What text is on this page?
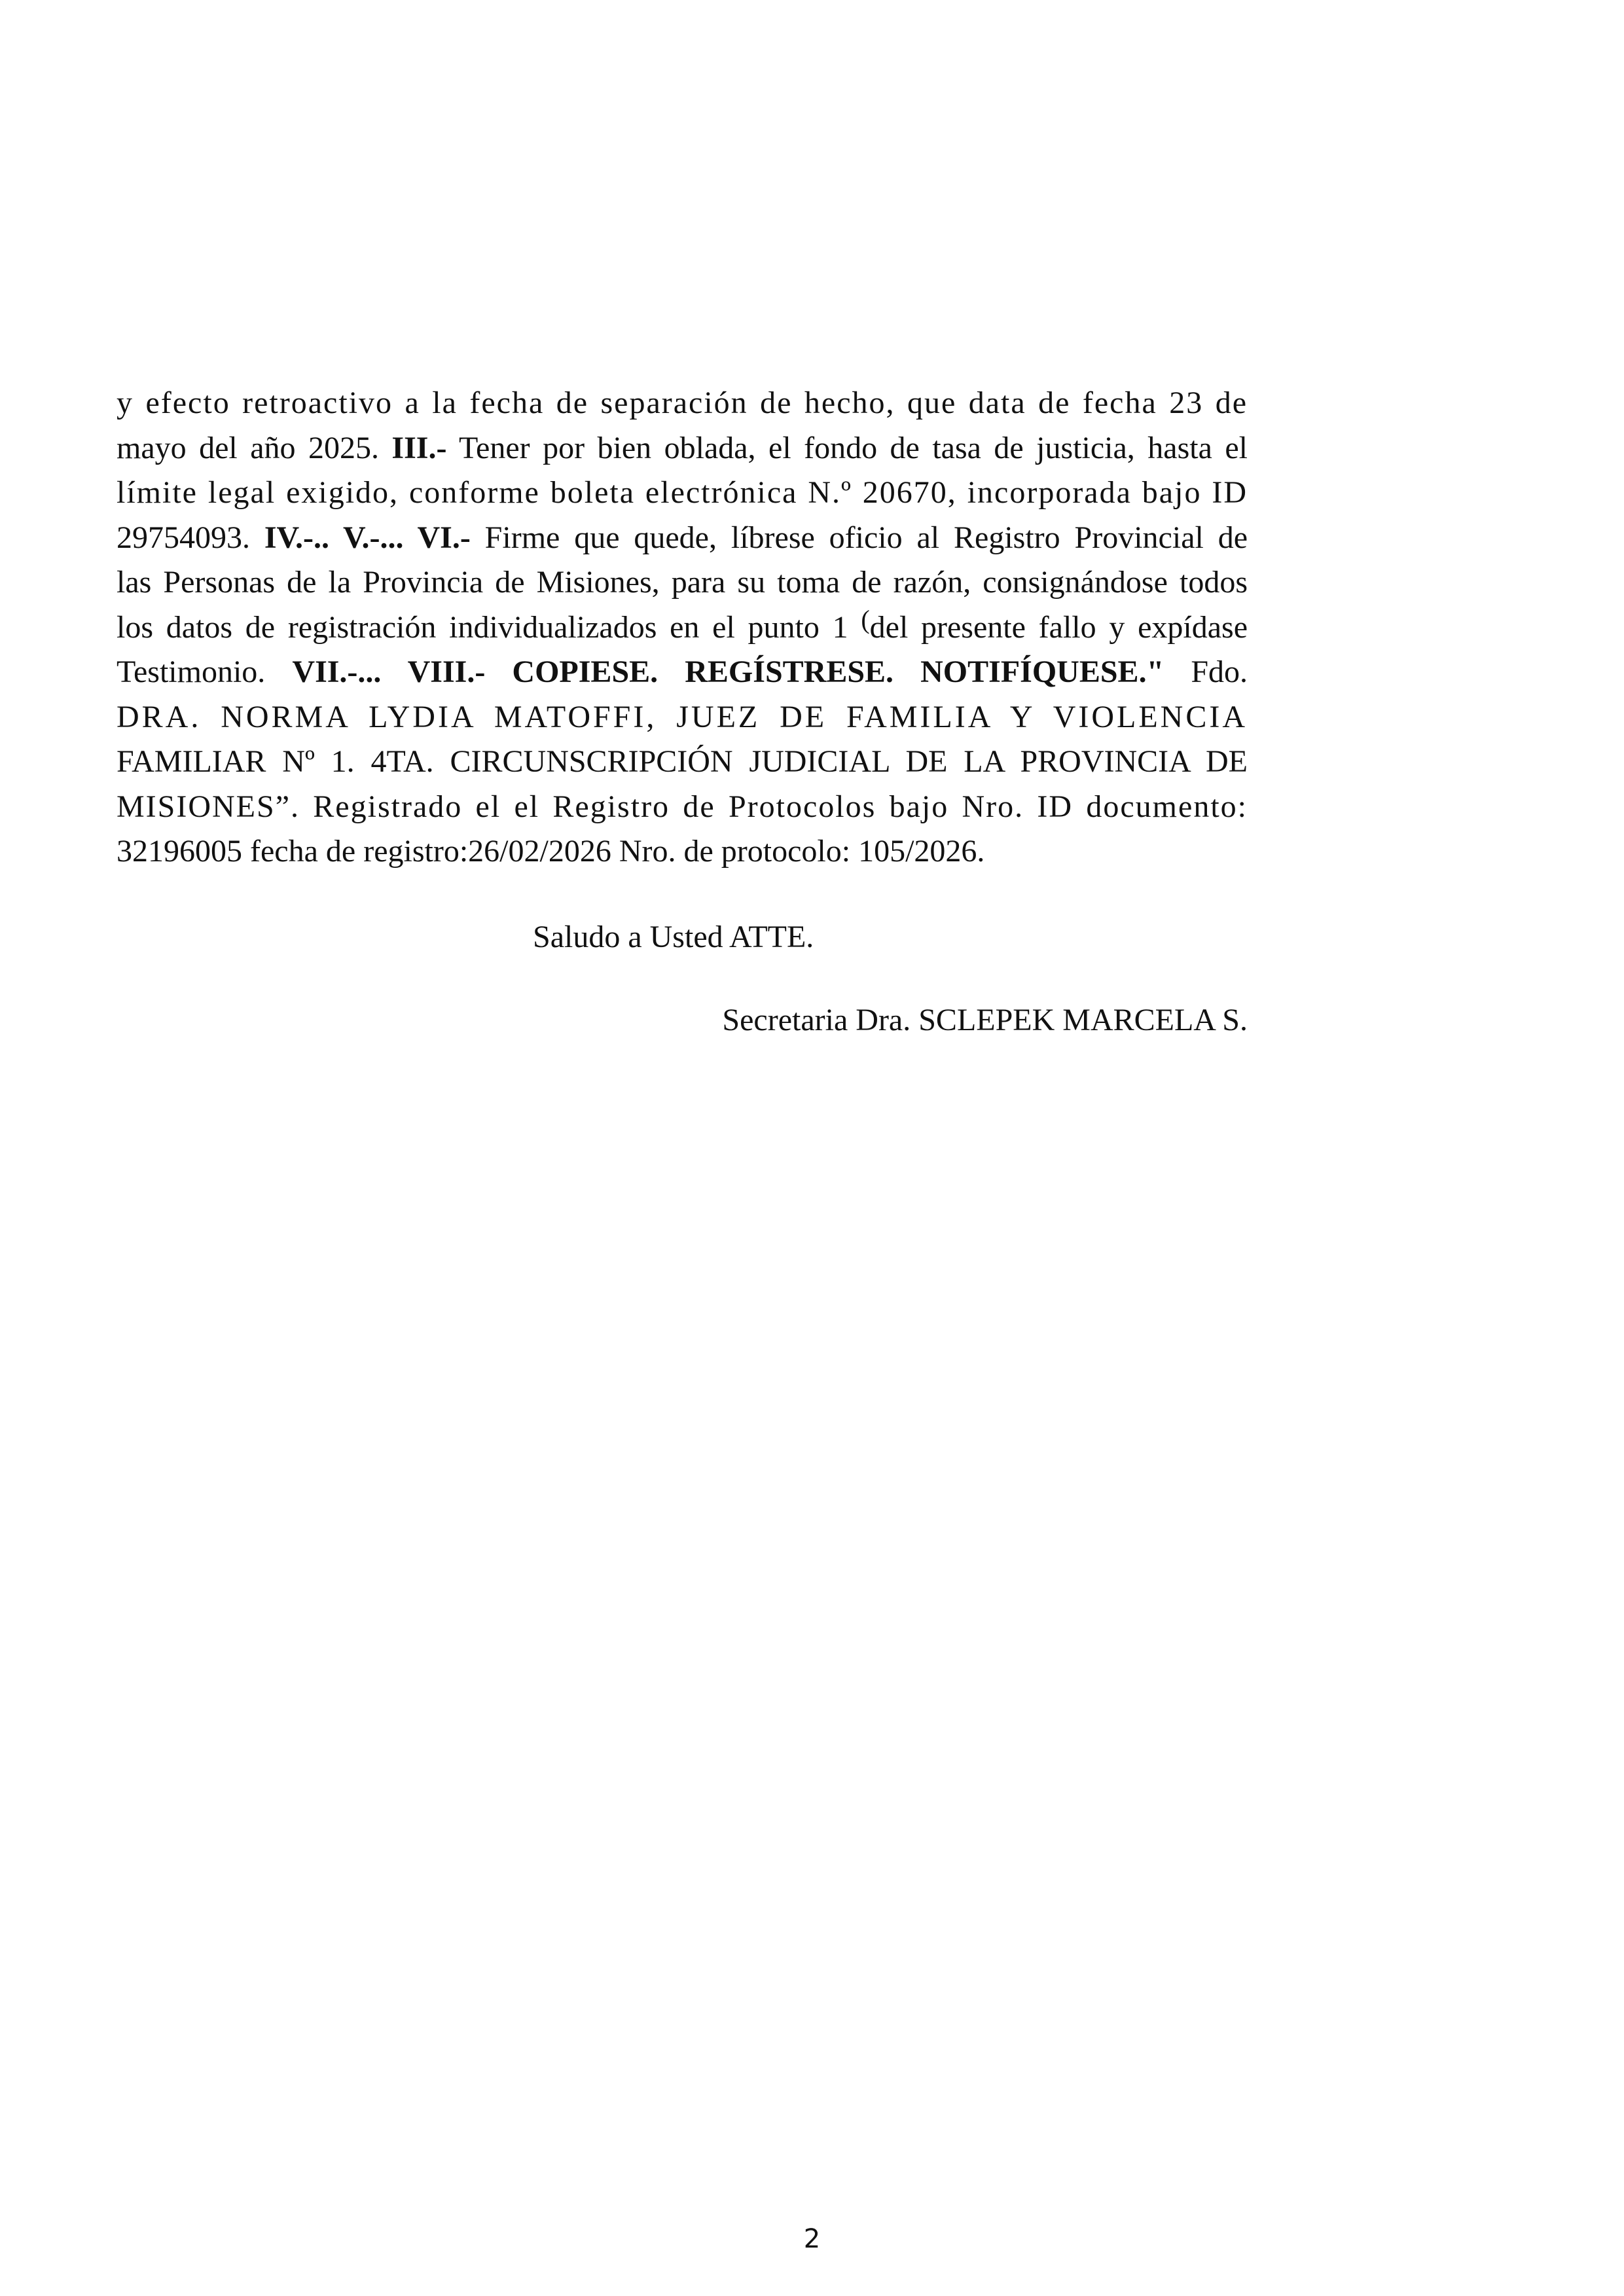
y efecto retroactivo a la fecha de separación de hecho, que data de fecha 23 de
mayo del año 2025. III.- Tener por bien oblada, el fondo de tasa de justicia, hasta el
límite legal exigido, conforme boleta electrónica N.º 20670, incorporada bajo ID
29754093. IV.-.. V.-... VI.- Firme que quede, líbrese oficio al Registro Provincial de
las Personas de la Provincia de Misiones, para su toma de razón, consignándose todos
los datos de registración individualizados en el punto 1 (del presente fallo y expídase
Testimonio. VII.-... VIII.- COPIESE. REGÍSTRESE. NOTIFÍQUESE." Fdo.
DRA. NORMA LYDIA MATOFFI, JUEZ DE FAMILIA Y VIOLENCIA
FAMILIAR Nº 1. 4TA. CIRCUNSCRIPCIÓN JUDICIAL DE LA PROVINCIA DE
MISIONES”. Registrado el el Registro de Protocolos bajo Nro. ID documento:
32196005 fecha de registro:26/02/2026 Nro. de protocolo: 105/2026.
Saludo a Usted ATTE.
Secretaria Dra. SCLEPEK MARCELA S.
2
